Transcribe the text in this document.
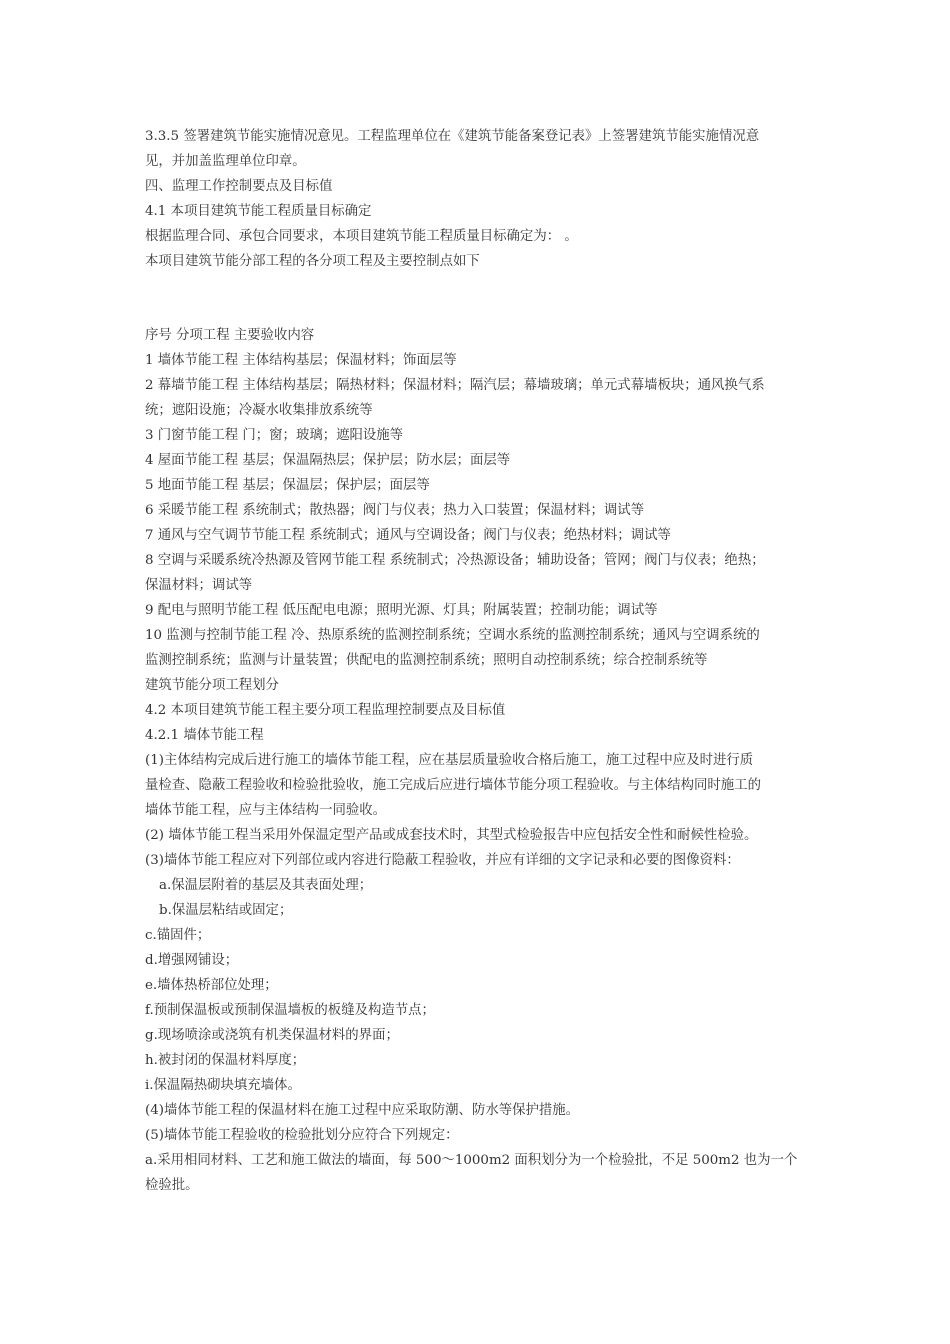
3.3.5 签署建筑节能实施情况意见。工程监理单位在《建筑节能备案登记表》上签署建筑节能实施情况意
见，并加盖监理单位印章。
四、监理工作控制要点及目标值
4.1 本项目建筑节能工程质量目标确定
根据监理合同、承包合同要求，本项目建筑节能工程质量目标确定为： 。
本项目建筑节能分部工程的各分项工程及主要控制点如下
序号 分项工程 主要验收内容
1 墙体节能工程 主体结构基层；保温材料；饰面层等
2 幕墙节能工程 主体结构基层；隔热材料；保温材料；隔汽层；幕墙玻璃；单元式幕墙板块；通风换气系
统；遮阳设施；冷凝水收集排放系统等
3 门窗节能工程 门；窗；玻璃；遮阳设施等
4 屋面节能工程 基层；保温隔热层；保护层；防水层；面层等
5 地面节能工程 基层；保温层；保护层；面层等
6 采暖节能工程 系统制式；散热器；阀门与仪表；热力入口装置；保温材料；调试等
7 通风与空气调节节能工程 系统制式；通风与空调设备；阀门与仪表；绝热材料；调试等
8 空调与采暖系统冷热源及管网节能工程 系统制式；冷热源设备；辅助设备；管网；阀门与仪表；绝热；
保温材料；调试等
9 配电与照明节能工程 低压配电电源；照明光源、灯具；附属装置；控制功能；调试等
10 监测与控制节能工程 冷、热原系统的监测控制系统；空调水系统的监测控制系统；通风与空调系统的
监测控制系统；监测与计量装置；供配电的监测控制系统；照明自动控制系统；综合控制系统等
建筑节能分项工程划分
4.2 本项目建筑节能工程主要分项工程监理控制要点及目标值
4.2.1 墙体节能工程
(1)主体结构完成后进行施工的墙体节能工程，应在基层质量验收合格后施工，施工过程中应及时进行质
量检查、隐蔽工程验收和检验批验收，施工完成后应进行墙体节能分项工程验收。与主体结构同时施工的
墙体节能工程，应与主体结构一同验收。
(2) 墙体节能工程当采用外保温定型产品或成套技术时，其型式检验报告中应包括安全性和耐候性检验。
(3)墙体节能工程应对下列部位或内容进行隐蔽工程验收，并应有详细的文字记录和必要的图像资料：
a.保温层附着的基层及其表面处理；
b.保温层粘结或固定；
c.锚固件；
d.增强网铺设；
e.墙体热桥部位处理；
f.预制保温板或预制保温墙板的板缝及构造节点；
g.现场喷涂或浇筑有机类保温材料的界面；
h.被封闭的保温材料厚度；
i.保温隔热砌块填充墙体。
(4)墙体节能工程的保温材料在施工过程中应采取防潮、防水等保护措施。
(5)墙体节能工程验收的检验批划分应符合下列规定：
a.采用相同材料、工艺和施工做法的墙面，每 500～1000m2 面积划分为一个检验批，不足 500m2 也为一个
检验批。
